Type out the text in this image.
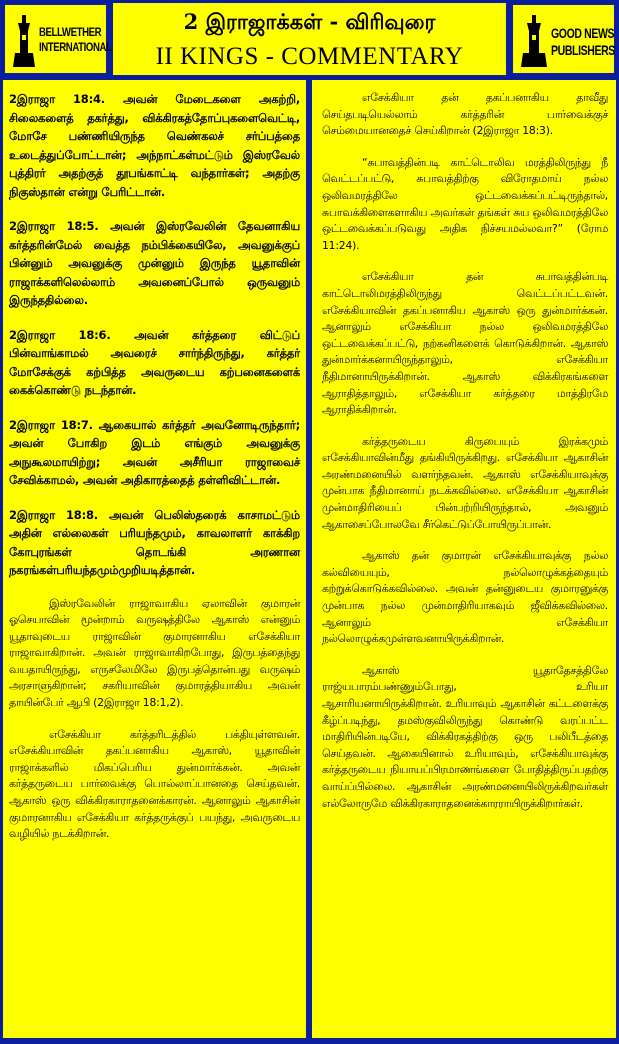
BELLWETHER
INTERNATIONAL
2 இராஜாக்கள் - விரிவுரை
II KINGS - COMMENTARY
GOOD NEWS
PUBLISHERS

2இராஜா 18:4. அவன் மேடைகளை அகற்றி, சிலைகளைத் தகர்த்து, விக்கிரகத்தோப்புகளைவெட்டி, மோசே பண்ணியிருந்த வெண்கலச் சர்ப்பத்தை உடைத்துப்போட்டான்; அந்நாட்கள்மட்டும் இஸ்ரவேல் புத்திரர் அதற்குத் தூபங்காட்டி வந்தார்கள்; அதற்கு நிகுஸ்தான் என்று பேரிட்டான்.

2இராஜா 18:5. அவன் இஸ்ரவேலின் தேவனாகிய கர்த்தரின்மேல் வைத்த நம்பிக்கையிலே, அவனுக்குப் பின்னும் அவனுக்கு முன்னும் இருந்த யூதாவின் ராஜாக்களிலெல்லாம் அவனைப்போல் ஒருவனும் இருந்ததில்லை.

2இராஜா 18:6. அவன் கர்த்தரை விட்டுப் பின்வாங்காமல் அவரைச் சார்ந்திருந்து, கர்த்தர் மோசேக்குக் கற்பித்த அவருடைய கற்பனைகளைக் கைக்கொண்டு நடந்தான்.

2இராஜா 18:7. ஆகையால் கர்த்தர் அவனோடிருந்தார்; அவன் போகிற இடம் எங்கும் அவனுக்கு அநுகூலமாயிற்று; அவன் அசீரியா ராஜாவைச் சேவிக்காமல், அவன் அதிகாரத்தைத் தள்ளிவிட்டான்.

2இராஜா 18:8. அவன் பெலிஸ்தரைக் காசாமட்டும் அதின் எல்லைகள் பரியந்தமும், காவலாளர் காக்கிற கோபுரங்கள் தொடங்கி அரணான நகரங்கள்பரியந்தமும்முறியடித்தான்.

இஸ்ரவேலின் ராஜாவாகிய ஏலாவின் குமாரன் ஓசெயாவின் மூன்றாம் வருஷத்திலே ஆகாஸ் என்னும் யூதாவுடைய ராஜாவின் குமாரனாகிய எசேக்கியா ராஜாவாகிறான். அவன் ராஜாவாகிறபோது, இருபத்தைந்து வயதாயிருந்து, எருசலேமிலே இருபத்தொன்பது வருஷம் அரசாளுகிறான்; சகரியாவின் குமாரத்தியாகிய அவன் தாயின்பேர் ஆபி (2இராஜா 18:1,2).

எசேக்கியா கர்த்தரிடத்தில் பக்தியுள்ளவன். எசேக்கியாவின் தகப்பனாகிய ஆகாஸ், யூதாவின் ராஜாக்களில் மிகப்பெரிய துன்மார்க்கன். அவன் கர்த்தருடைய பார்வைக்கு பொல்லாப்பானதை செய்தவன். ஆகாஸ் ஒரு விக்கிரகாராதனைக்காரன். ஆனாலும் ஆகாசின் குமாரனாகிய எசேக்கியா கர்த்தருக்குப் பயந்து, அவருடைய வழியில் நடக்கிறான்.

எசேக்கியா தன் தகப்பனாகிய தாவீது செய்தபடியெல்லாம் கர்த்தரின் பார்வைக்குச் செம்மையானதைச் செய்கிறான் (2இராஜா 18:3).

“சுபாவத்தின்படி காட்டொலிவ மரத்திலிருந்து நீ வெட்டப்பட்டு, சுபாவத்திற்கு விரோதமாய் நல்ல ஒலிவமரத்திலே ஒட்டவைக்கப்பட்டிருந்தால், சுபாவக்கிளைகளாகிய அவர்கள் தங்கள் சுய ஒலிவமரத்திலே ஒட்டவைக்கப்படுவது அதிக நிச்சயமல்லவா?” (ரோம 11:24).

எசேக்கியா தன் சுபாவத்தின்படி காட்டொலிமரத்திலிருந்து வெட்டப்பட்டவன். எசேக்கியாவின் தகப்பனாகிய ஆகாஸ் ஒரு துன்மார்க்கன். ஆனாலும் எசேக்கியா நல்ல ஒலிவமரத்திலே ஒட்டவைக்கப்பட்டு, நற்கனிகளைக் கொடுக்கிறான். ஆகாஸ் துன்மார்க்கனாயிருந்தாலும், எசேக்கியா நீதிமானாயிருக்கிறான். ஆகாஸ் விக்கிரகங்களை ஆராதித்தாலும், எசேக்கியா கர்த்தரை மாத்திரமே ஆராதிக்கிறான்.

கர்த்தருடைய கிருபையும் இரக்கமும் எசேக்கியாவின்மீது தங்கியிருக்கிறது. எசேக்கியா ஆகாசின் அரண்மனையில் வளர்ந்தவன். ஆகாஸ் எசேக்கியாவுக்கு முன்பாக நீதிமானாய் நடக்கவில்லை. எசேக்கியா ஆகாசின் முன்மாதிரியைப் பின்பற்றியிருந்தால், அவனும் ஆகாசைப்போலவே சீர்கெட்டுப்போயிருப்பான்.

ஆகாஸ் தன் குமாரன் எசேக்கியாவுக்கு நல்ல கல்வியையும், நல்லொழுக்கத்தையும் கற்றுக்கொடுக்கவில்லை. அவன் தன்னுடைய குமாரனுக்கு முன்பாக நல்ல முன்மாதிரியாகவும் ஜீவிக்கவில்லை. ஆனாலும் எசேக்கியா நல்லொழுக்கமுள்ளவனாயிருக்கிறான்.

ஆகாஸ் யூதாதேசத்திலே ராஜ்யபாரம்பண்ணும்போது, உரியா ஆசாரியனாயிருக்கிறான். உரியாவும் ஆகாசின் கட்டளைக்கு கீழ்ப்படிந்து, தமஸ்குவிலிருந்து கொண்டு வரப்பட்ட மாதிரியின்படியே, விக்கிரகத்திற்கு ஒரு பலிபீடத்தை செய்தவன். ஆகையினால் உரியாவும், எசேக்கியாவுக்கு கர்த்தருடைய நியாயப்பிரமாணங்களை போதித்திருப்பதற்கு வாய்ப்பில்லை. ஆகாசின் அரண்மனையிலிருக்கிறவர்கள் எல்லோருமே விக்கிரகாராதனைக்காரராயிருக்கிறார்கள்.
